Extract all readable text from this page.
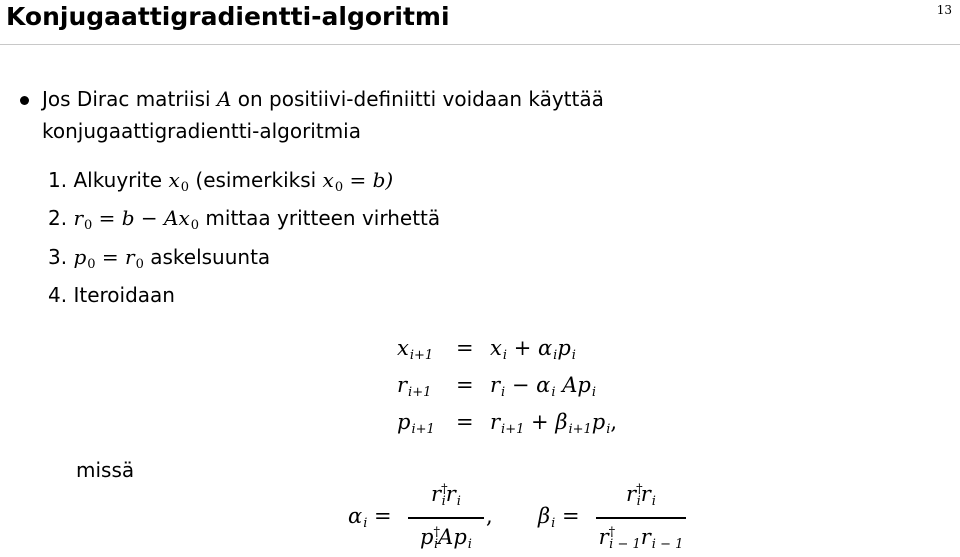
Konjugaattigradientti-algoritmi	13
Jos Dirac matriisi A on positiivi-definiitti voidaan käyttää
konjugaattigradientti-algoritmia
1. Alkuyrite $x_0$ (esimerkiksi $x_0 = b$)
2. $r_0 = b - Ax_0$ mittaa yritteen virhettä
3. $p_0 = r_0$ askelsuunta
4. Iteroidaan
$x_{i+1}$	= $x_i + \alpha_ip_i$
$r_{i+1}$	= $r_i - \alpha_i$ $Ap_i$
$p_{i+1}$	= $r_{i+1} + \beta_{i+1}p_i$,
missä
$\alpha_i$ =
$r^\dagger_ir_i$
$p^\dagger_iAp_i$
, $\beta_i$ =
$r^\dagger_ir_i$
$r^\dagger_{i - 1}r_{i - 1}$
